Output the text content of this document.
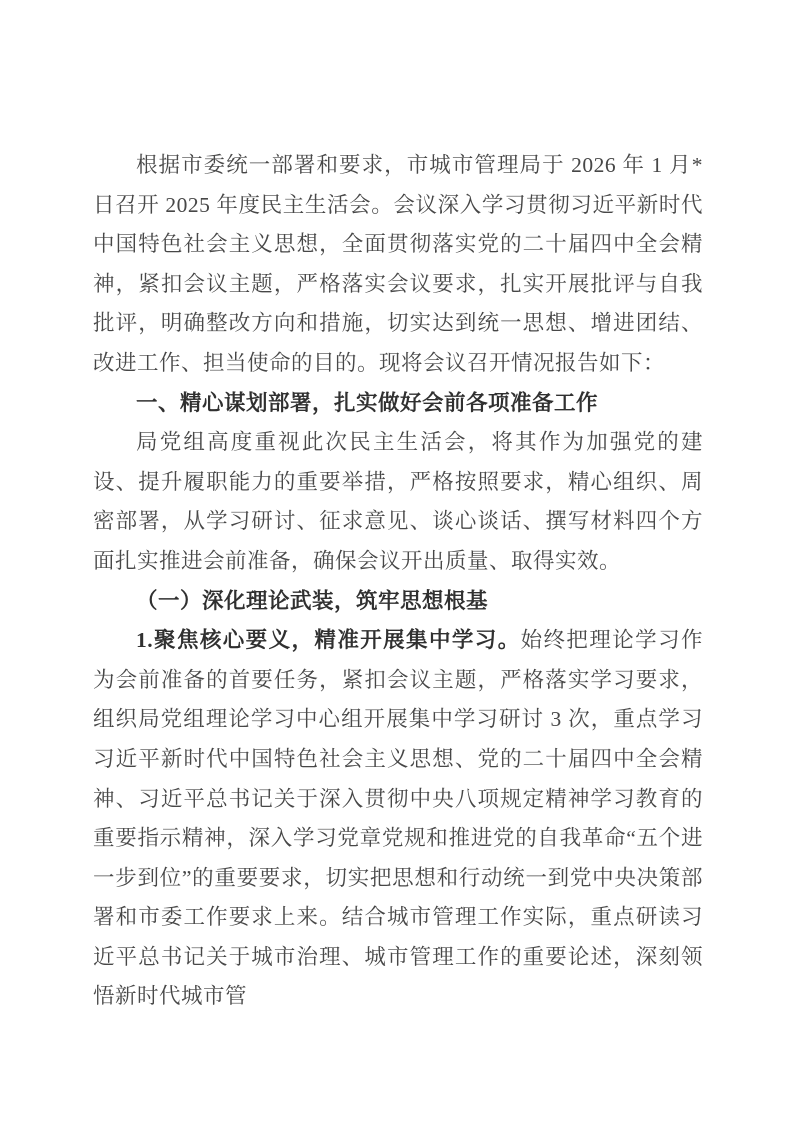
根据市委统一部署和要求，市城市管理局于 2026 年 1 月*日召开 2025 年度民主生活会。会议深入学习贯彻习近平新时代中国特色社会主义思想，全面贯彻落实党的二十届四中全会精神，紧扣会议主题，严格落实会议要求，扎实开展批评与自我批评，明确整改方向和措施，切实达到统一思想、增进团结、改进工作、担当使命的目的。现将会议召开情况报告如下：

一、精心谋划部署，扎实做好会前各项准备工作

局党组高度重视此次民主生活会，将其作为加强党的建设、提升履职能力的重要举措，严格按照要求，精心组织、周密部署，从学习研讨、征求意见、谈心谈话、撰写材料四个方面扎实推进会前准备，确保会议开出质量、取得实效。

（一）深化理论武装，筑牢思想根基

1.聚焦核心要义，精准开展集中学习。始终把理论学习作为会前准备的首要任务，紧扣会议主题，严格落实学习要求，组织局党组理论学习中心组开展集中学习研讨 3 次，重点学习习近平新时代中国特色社会主义思想、党的二十届四中全会精神、习近平总书记关于深入贯彻中央八项规定精神学习教育的重要指示精神，深入学习党章党规和推进党的自我革命“五个进一步到位”的重要要求，切实把思想和行动统一到党中央决策部署和市委工作要求上来。结合城市管理工作实际，重点研读习近平总书记关于城市治理、城市管理工作的重要论述，深刻领悟新时代城市管
